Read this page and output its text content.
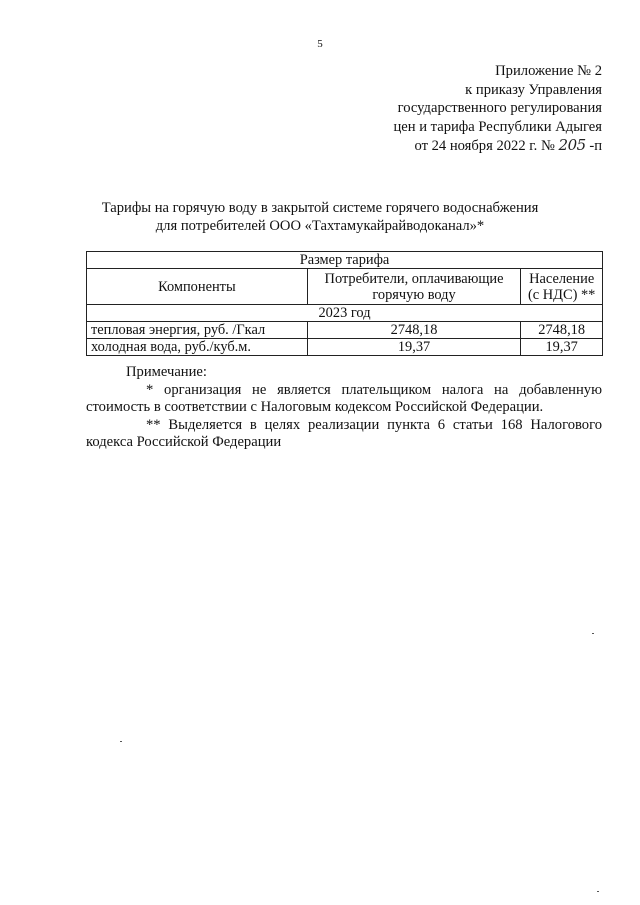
5
Приложение № 2
к приказу Управления
государственного регулирования
цен и тарифа Республики Адыгея
от 24 ноября 2022 г. № 205 -п
Тарифы на горячую воду в закрытой системе горячего водоснабжения
для потребителей ООО «Тахтамукайрайводоканал»*
Размер тарифа		
Компоненты	Потребители, оплачивающие горячую воду	Население (с НДС) **
2023 год		
тепловая энергия, руб. /Гкал	2748,18	2748,18
холодная вода, руб./куб.м.	19,37	19,37
Примечание:
* организация не является плательщиком налога на добавленную стоимость в соответствии с Налоговым кодексом Российской Федерации.
** Выделяется в целях реализации пункта 6 статьи 168 Налогового кодекса Российской Федерации
